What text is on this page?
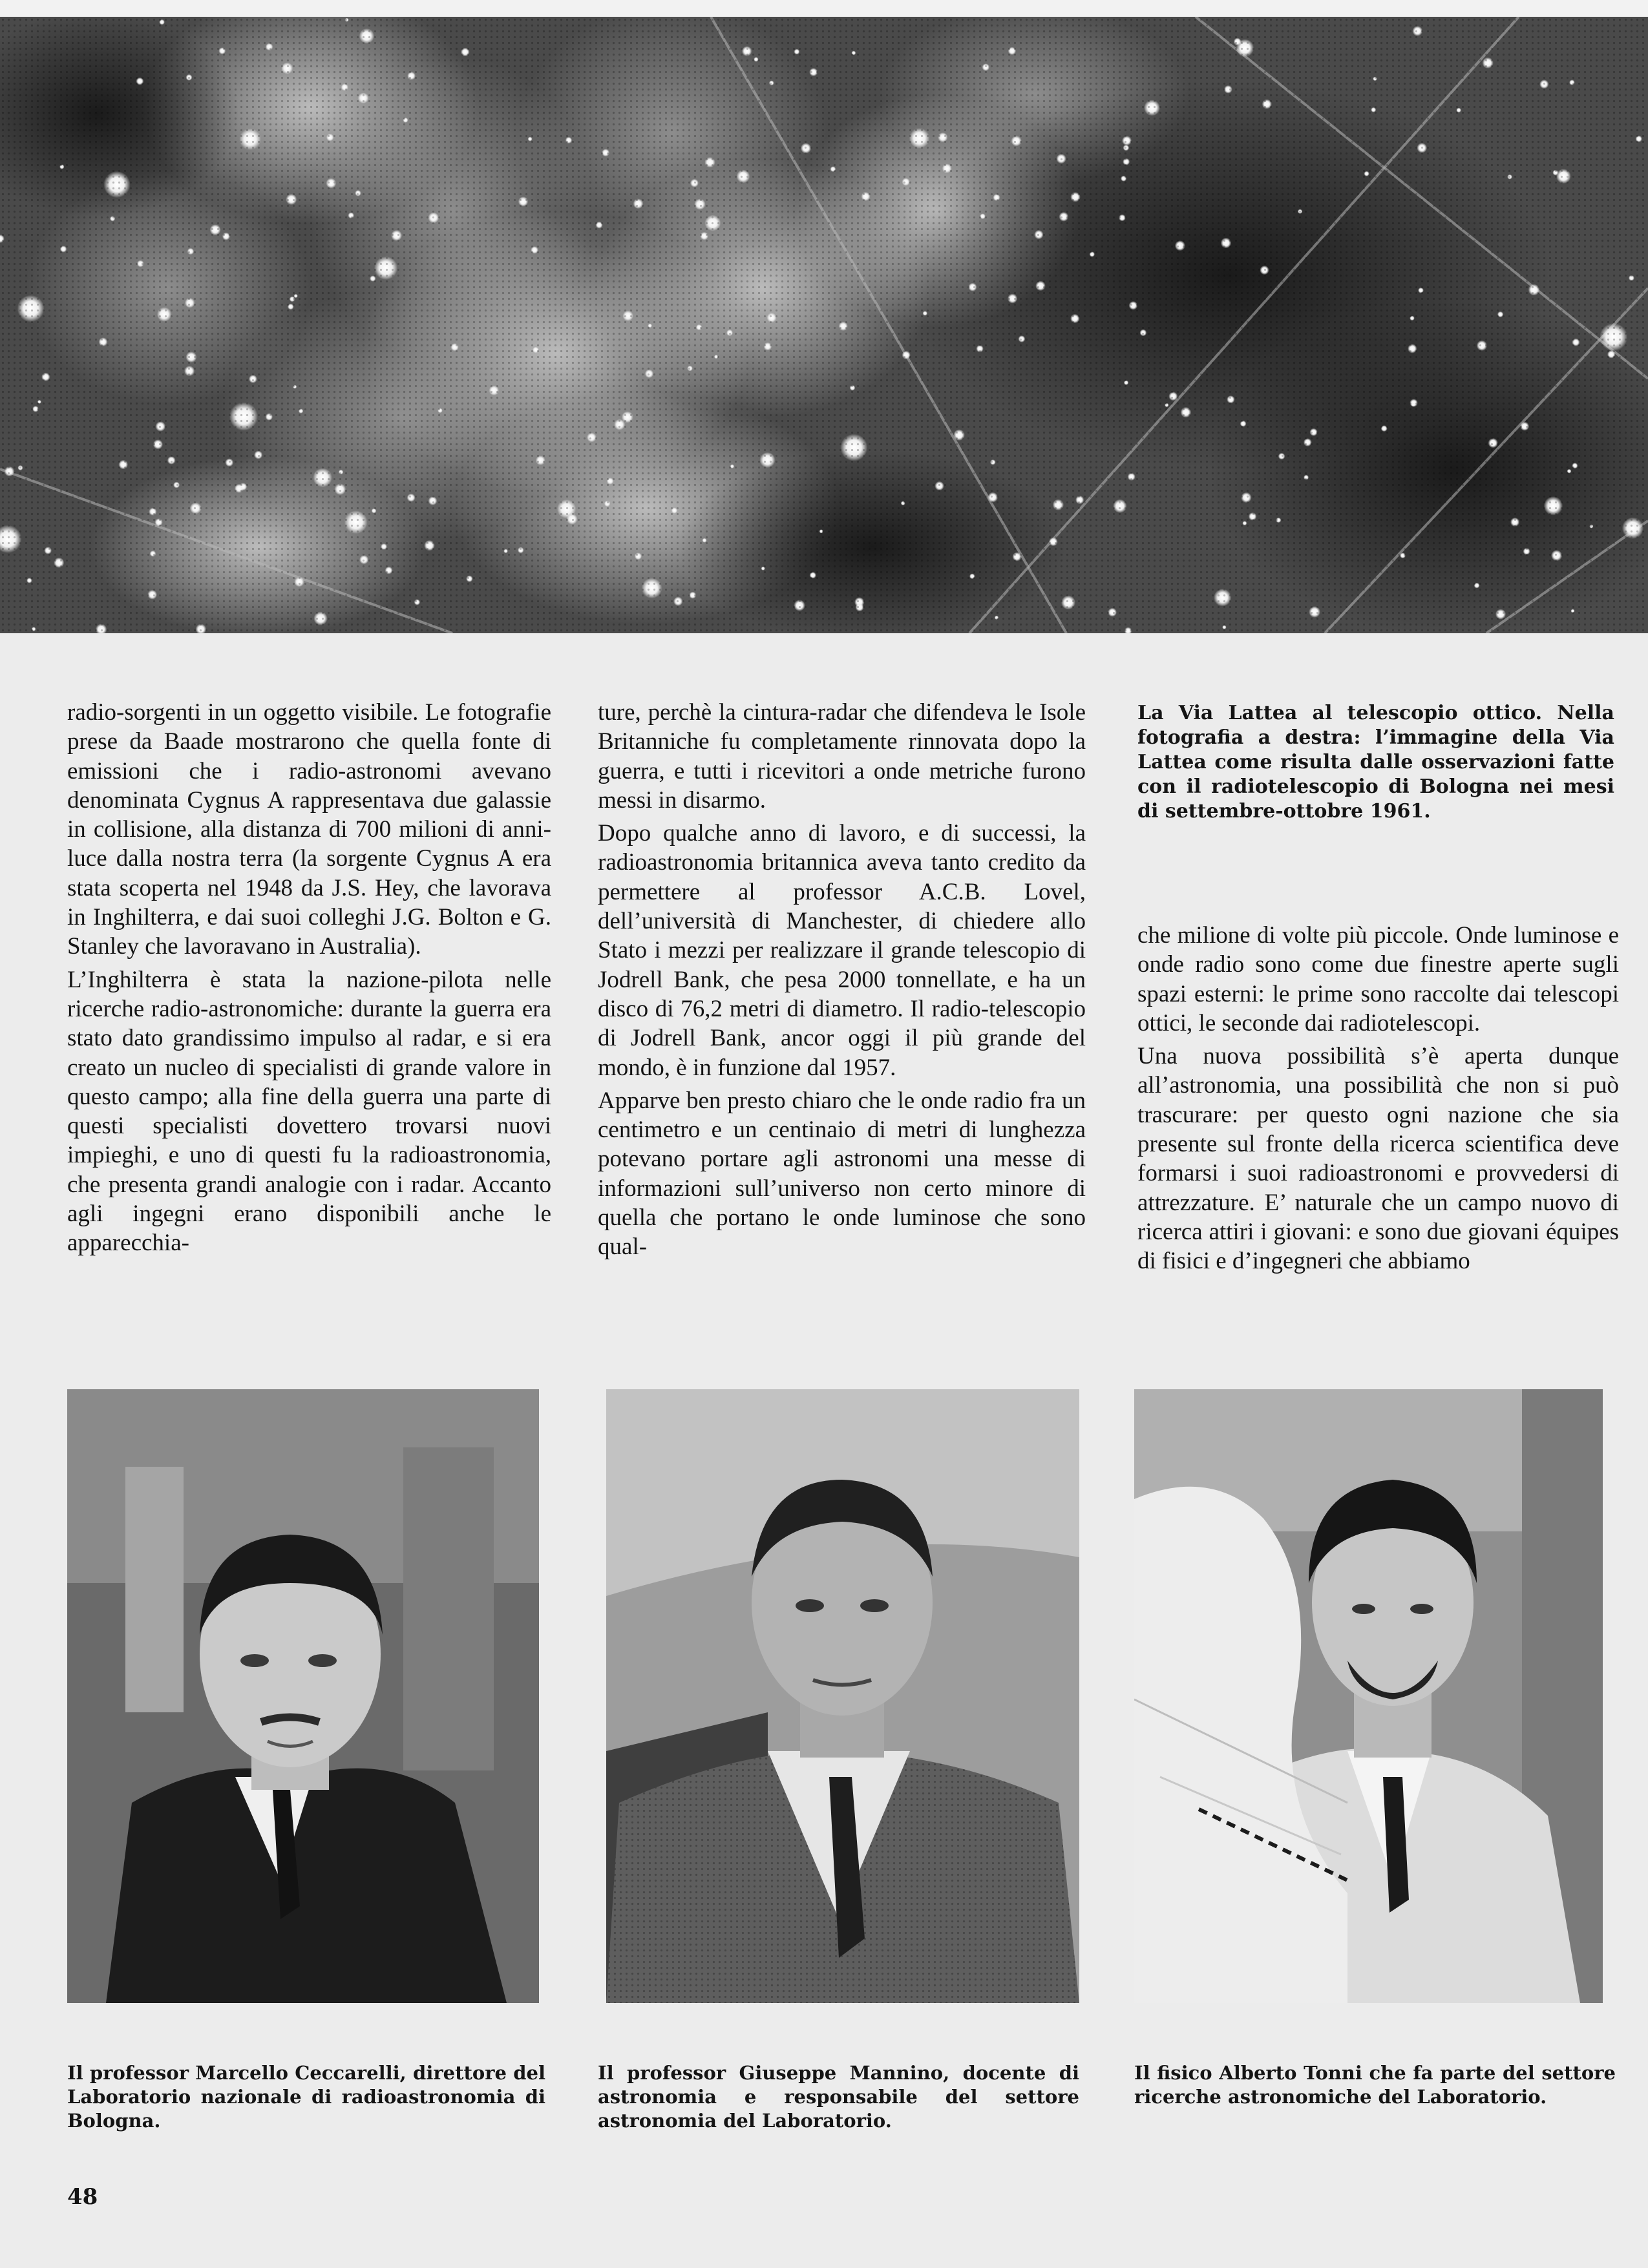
radio-sorgenti in un oggetto visibile. Le fotografie prese da Baade mostrarono che quella fonte di emissioni che i radio-astronomi avevano denominata Cygnus A rappresentava due galassie in collisione, alla distanza di 700 milioni di anni-luce dalla nostra terra (la sorgente Cygnus A era stata scoperta nel 1948 da J.S. Hey, che lavorava in Inghilterra, e dai suoi colleghi J.G. Bolton e G. Stanley che lavoravano in Australia).

L’Inghilterra è stata la nazione-pilota nelle ricerche radio-astronomiche: durante la guerra era stato dato grandissimo impulso al radar, e si era creato un nucleo di specialisti di grande valore in questo campo; alla fine della guerra una parte di questi specialisti dovettero trovarsi nuovi impieghi, e uno di questi fu la radioastronomia, che presenta grandi analogie con i radar. Accanto agli ingegni erano disponibili anche le apparecchia-

ture, perchè la cintura-radar che difendeva le Isole Britanniche fu completamente rinnovata dopo la guerra, e tutti i ricevitori a onde metriche furono messi in disarmo.

Dopo qualche anno di lavoro, e di successi, la radioastronomia britannica aveva tanto credito da permettere al professor A.C.B. Lovel, dell’università di Manchester, di chiedere allo Stato i mezzi per realizzare il grande telescopio di Jodrell Bank, che pesa 2000 tonnellate, e ha un disco di 76,2 metri di diametro. Il radio-telescopio di Jodrell Bank, ancor oggi il più grande del mondo, è in funzione dal 1957.

Apparve ben presto chiaro che le onde radio fra un centimetro e un centinaio di metri di lunghezza potevano portare agli astronomi una messe di informazioni sull’universo non certo minore di quella che portano le onde luminose che sono qual-

La Via Lattea al telescopio ottico. Nella fotografia a destra: l’immagine della Via Lattea come risulta dalle osservazioni fatte con il radiotelescopio di Bologna nei mesi di settembre-ottobre 1961.

che milione di volte più piccole. Onde luminose e onde radio sono come due finestre aperte sugli spazi esterni: le prime sono raccolte dai telescopi ottici, le seconde dai radiotelescopi.

Una nuova possibilità s’è aperta dunque all’astronomia, una possibilità che non si può trascurare: per questo ogni nazione che sia presente sul fronte della ricerca scientifica deve formarsi i suoi radioastronomi e provvedersi di attrezzature. E’ naturale che un campo nuovo di ricerca attiri i giovani: e sono due giovani équipes di fisici e d’ingegneri che abbiamo

Il professor Marcello Ceccarelli, direttore del Laboratorio nazionale di radioastronomia di Bologna.

Il professor Giuseppe Mannino, docente di astronomia e responsabile del settore astronomia del Laboratorio.

Il fisico Alberto Tonni che fa parte del settore ricerche astronomiche del Laboratorio.

48
